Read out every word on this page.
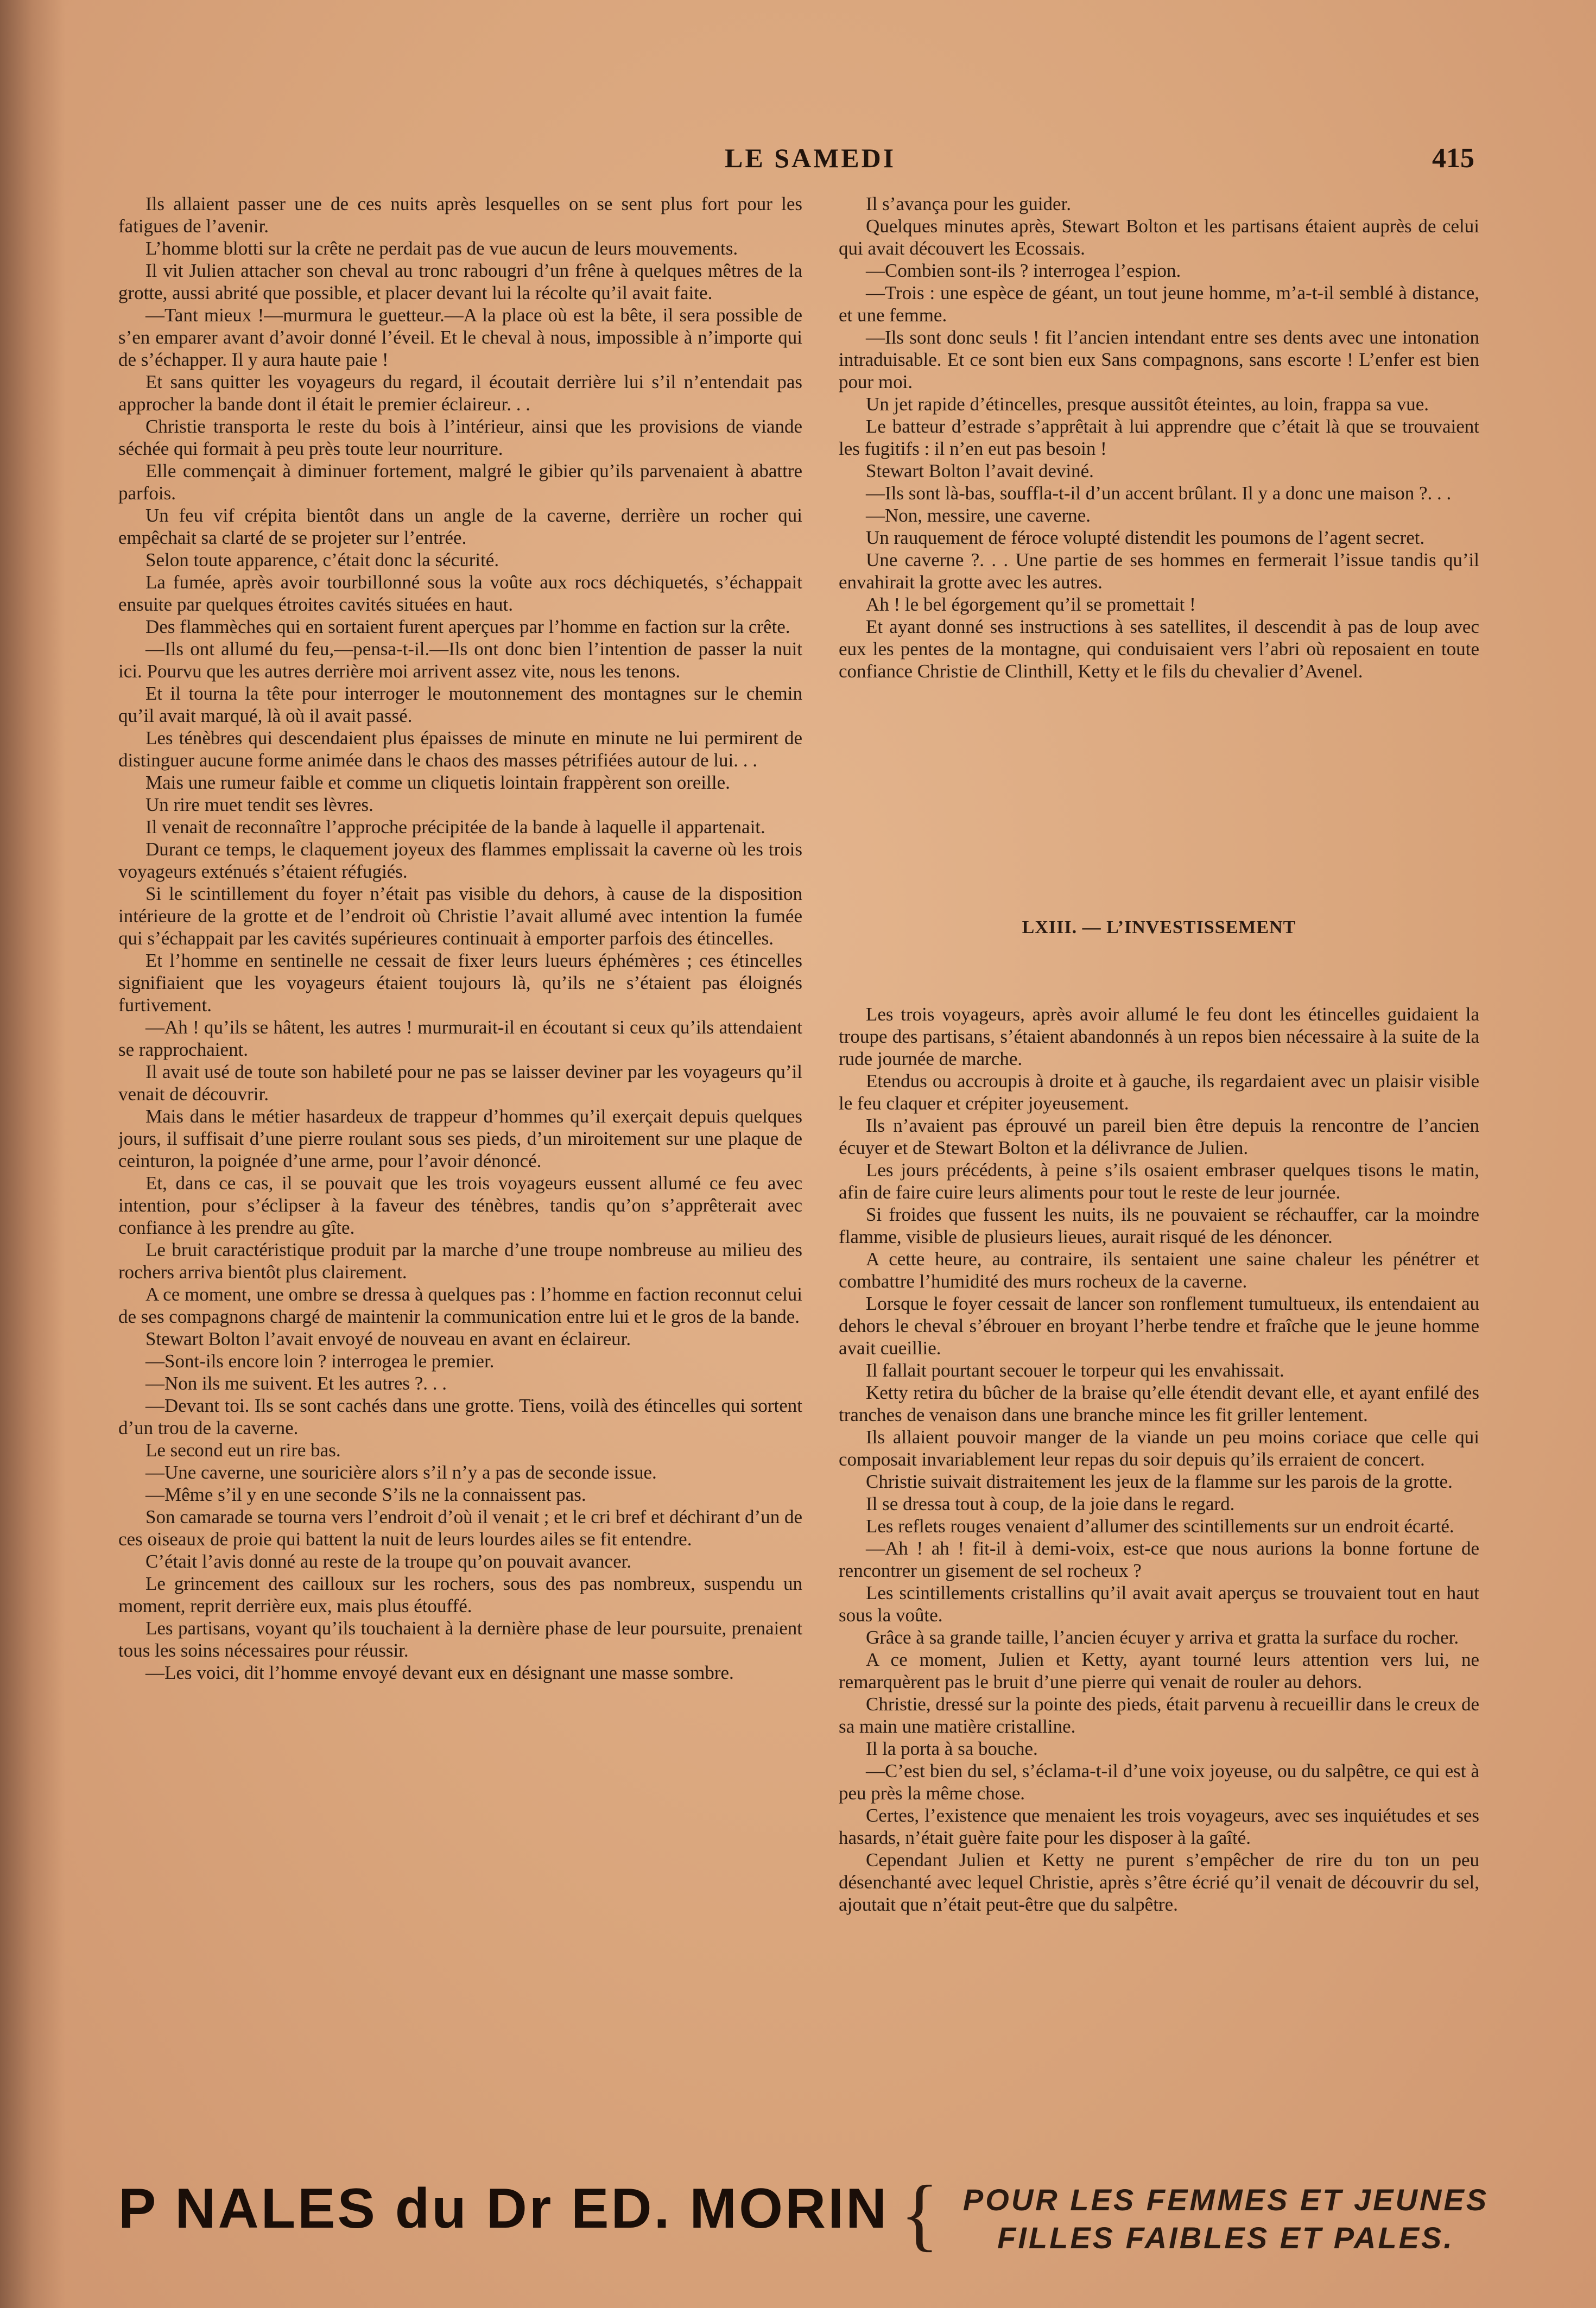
LE SAMEDI	415

Ils allaient passer une de ces nuits après lesquelles on se sent plus fort pour les fatigues de l’avenir.

L’homme blotti sur la crête ne perdait pas de vue aucun de leurs mouvements.

Il vit Julien attacher son cheval au tronc rabougri d’un frêne à quelques mêtres de la grotte, aussi abrité que possible, et placer devant lui la récolte qu’il avait faite.

—Tant mieux !—murmura le guetteur.—A la place où est la bête, il sera possible de s’en emparer avant d’avoir donné l’éveil. Et le cheval à nous, impossible à n’importe qui de s’échapper. Il y aura haute paie !

Et sans quitter les voyageurs du regard, il écoutait derrière lui s’il n’entendait pas approcher la bande dont il était le premier éclaireur. . .

Christie transporta le reste du bois à l’intérieur, ainsi que les provisions de viande séchée qui formait à peu près toute leur nourriture.

Elle commençait à diminuer fortement, malgré le gibier qu’ils parvenaient à abattre parfois.

Un feu vif crépita bientôt dans un angle de la caverne, derrière un rocher qui empêchait sa clarté de se projeter sur l’entrée.

Selon toute apparence, c’était donc la sécurité.

La fumée, après avoir tourbillonné sous la voûte aux rocs déchiquetés, s’échappait ensuite par quelques étroites cavités situées en haut.

Des flammèches qui en sortaient furent aperçues par l’homme en faction sur la crête.

—Ils ont allumé du feu,—pensa-t-il.—Ils ont donc bien l’intention de passer la nuit ici. Pourvu que les autres derrière moi arrivent assez vite, nous les tenons.

Et il tourna la tête pour interroger le moutonnement des montagnes sur le chemin qu’il avait marqué, là où il avait passé.

Les ténèbres qui descendaient plus épaisses de minute en minute ne lui permirent de distinguer aucune forme animée dans le chaos des masses pétrifiées autour de lui. . .

Mais une rumeur faible et comme un cliquetis lointain frappèrent son oreille.

Un rire muet tendit ses lèvres.

Il venait de reconnaître l’approche précipitée de la bande à laquelle il appartenait.

Durant ce temps, le claquement joyeux des flammes emplissait la caverne où les trois voyageurs exténués s’étaient réfugiés.

Si le scintillement du foyer n’était pas visible du dehors, à cause de la disposition intérieure de la grotte et de l’endroit où Christie l’avait allumé avec intention la fumée qui s’échappait par les cavités supérieures continuait à emporter parfois des étincelles.

Et l’homme en sentinelle ne cessait de fixer leurs lueurs éphémères ; ces étincelles signifiaient que les voyageurs étaient toujours là, qu’ils ne s’étaient pas éloignés furtivement.

—Ah ! qu’ils se hâtent, les autres ! murmurait-il en écoutant si ceux qu’ils attendaient se rapprochaient.

Il avait usé de toute son habileté pour ne pas se laisser deviner par les voyageurs qu’il venait de découvrir.

Mais dans le métier hasardeux de trappeur d’hommes qu’il exerçait depuis quelques jours, il suffisait d’une pierre roulant sous ses pieds, d’un miroitement sur une plaque de ceinturon, la poignée d’une arme, pour l’avoir dénoncé.

Et, dans ce cas, il se pouvait que les trois voyageurs eussent allumé ce feu avec intention, pour s’éclipser à la faveur des ténèbres, tandis qu’on s’apprêterait avec confiance à les prendre au gîte.

Le bruit caractéristique produit par la marche d’une troupe nombreuse au milieu des rochers arriva bientôt plus clairement.

A ce moment, une ombre se dressa à quelques pas : l’homme en faction reconnut celui de ses compagnons chargé de maintenir la communication entre lui et le gros de la bande.

Stewart Bolton l’avait envoyé de nouveau en avant en éclaireur.

—Sont-ils encore loin ? interrogea le premier.

—Non ils me suivent. Et les autres ?. . .

—Devant toi. Ils se sont cachés dans une grotte. Tiens, voilà des étincelles qui sortent d’un trou de la caverne.

Le second eut un rire bas.

—Une caverne, une souricière alors s’il n’y a pas de seconde issue.

—Même s’il y en une seconde S’ils ne la connaissent pas.

Son camarade se tourna vers l’endroit d’où il venait ; et le cri bref et déchirant d’un de ces oiseaux de proie qui battent la nuit de leurs lourdes ailes se fit entendre.

C’était l’avis donné au reste de la troupe qu’on pouvait avancer.

Le grincement des cailloux sur les rochers, sous des pas nombreux, suspendu un moment, reprit derrière eux, mais plus étouffé.

Les partisans, voyant qu’ils touchaient à la dernière phase de leur poursuite, prenaient tous les soins nécessaires pour réussir.

—Les voici, dit l’homme envoyé devant eux en désignant une masse sombre.

Il s’avança pour les guider.

Quelques minutes après, Stewart Bolton et les partisans étaient auprès de celui qui avait découvert les Ecossais.

—Combien sont-ils ? interrogea l’espion.

—Trois : une espèce de géant, un tout jeune homme, m’a-t-il semblé à distance, et une femme.

—Ils sont donc seuls ! fit l’ancien intendant entre ses dents avec une intonation intraduisable. Et ce sont bien eux Sans compagnons, sans escorte ! L’enfer est bien pour moi.

Un jet rapide d’étincelles, presque aussitôt éteintes, au loin, frappa sa vue.

Le batteur d’estrade s’apprêtait à lui apprendre que c’était là que se trouvaient les fugitifs : il n’en eut pas besoin !

Stewart Bolton l’avait deviné.

—Ils sont là-bas, souffla-t-il d’un accent brûlant. Il y a donc une maison ?. . .

—Non, messire, une caverne.

Un rauquement de féroce volupté distendit les poumons de l’agent secret.

Une caverne ?. . . Une partie de ses hommes en fermerait l’issue tandis qu’il envahirait la grotte avec les autres.

Ah ! le bel égorgement qu’il se promettait !

Et ayant donné ses instructions à ses satellites, il descendit à pas de loup avec eux les pentes de la montagne, qui conduisaient vers l’abri où reposaient en toute confiance Christie de Clinthill, Ketty et le fils du chevalier d’Avenel.

LXIII. — L’INVESTISSEMENT

Les trois voyageurs, après avoir allumé le feu dont les étincelles guidaient la troupe des partisans, s’étaient abandonnés à un repos bien nécessaire à la suite de la rude journée de marche.

Etendus ou accroupis à droite et à gauche, ils regardaient avec un plaisir visible le feu claquer et crépiter joyeusement.

Ils n’avaient pas éprouvé un pareil bien être depuis la rencontre de l’ancien écuyer et de Stewart Bolton et la délivrance de Julien.

Les jours précédents, à peine s’ils osaient embraser quelques tisons le matin, afin de faire cuire leurs aliments pour tout le reste de leur journée.

Si froides que fussent les nuits, ils ne pouvaient se réchauffer, car la moindre flamme, visible de plusieurs lieues, aurait risqué de les dénoncer.

A cette heure, au contraire, ils sentaient une saine chaleur les pénétrer et combattre l’humidité des murs rocheux de la caverne.

Lorsque le foyer cessait de lancer son ronflement tumultueux, ils entendaient au dehors le cheval s’ébrouer en broyant l’herbe tendre et fraîche que le jeune homme avait cueillie.

Il fallait pourtant secouer le torpeur qui les envahissait.

Ketty retira du bûcher de la braise qu’elle étendit devant elle, et ayant enfilé des tranches de venaison dans une branche mince les fit griller lentement.

Ils allaient pouvoir manger de la viande un peu moins coriace que celle qui composait invariablement leur repas du soir depuis qu’ils erraient de concert.

Christie suivait distraitement les jeux de la flamme sur les parois de la grotte.

Il se dressa tout à coup, de la joie dans le regard.

Les reflets rouges venaient d’allumer des scintillements sur un endroit écarté.

—Ah ! ah ! fit-il à demi-voix, est-ce que nous aurions la bonne fortune de rencontrer un gisement de sel rocheux ?

Les scintillements cristallins qu’il avait avait aperçus se trouvaient tout en haut sous la voûte.

Grâce à sa grande taille, l’ancien écuyer y arriva et gratta la surface du rocher.

A ce moment, Julien et Ketty, ayant tourné leurs attention vers lui, ne remarquèrent pas le bruit d’une pierre qui venait de rouler au dehors.

Christie, dressé sur la pointe des pieds, était parvenu à recueillir dans le creux de sa main une matière cristalline.

Il la porta à sa bouche.

—C’est bien du sel, s’éclama-t-il d’une voix joyeuse, ou du salpêtre, ce qui est à peu près la même chose.

Certes, l’existence que menaient les trois voyageurs, avec ses inquiétudes et ses hasards, n’était guère faite pour les disposer à la gaîté.

Cependant Julien et Ketty ne purent s’empêcher de rire du ton un peu désenchanté avec lequel Christie, après s’être écrié qu’il venait de découvrir du sel, ajoutait que n’était peut-être que du salpêtre.

P NALES du Dr ED. MORIN { POUR LES FEMMES ET JEUNES
FILLES FAIBLES ET PALES.
